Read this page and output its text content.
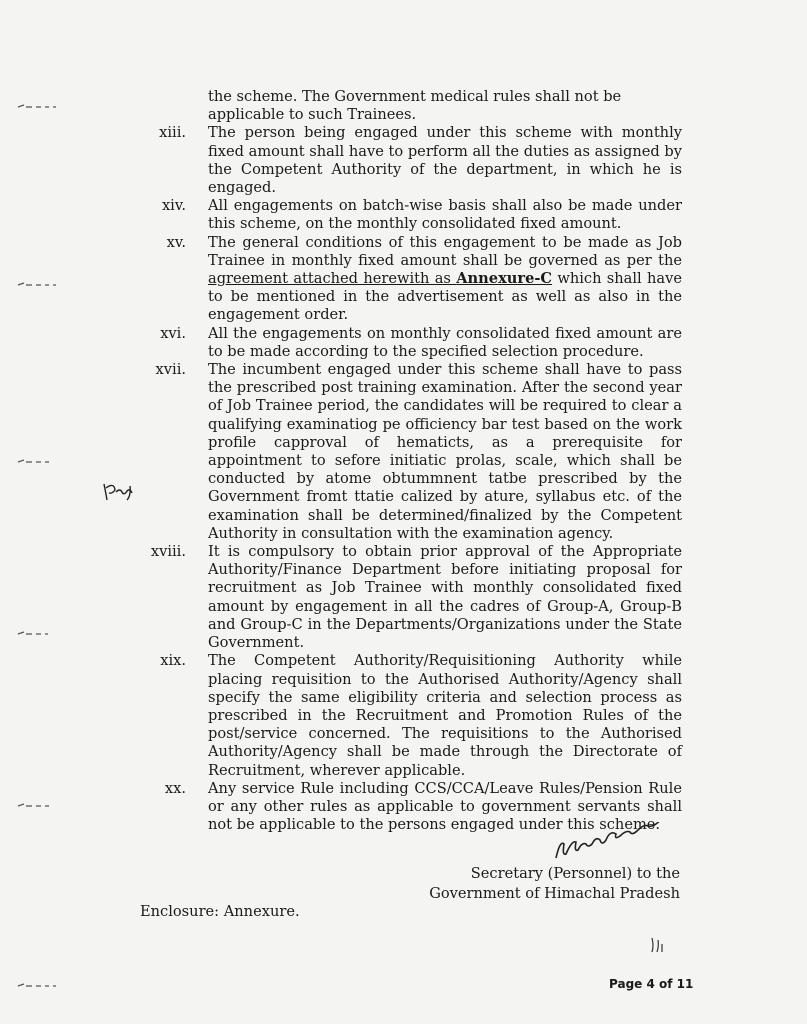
the scheme. The Government medical rules shall not be
applicable to such Trainees.
xiii. The person being engaged under this scheme with monthly fixed amount shall have to perform all the duties as assigned by the Competent Authority of the department, in which he is engaged.
xiv. All engagements on batch-wise basis shall also be made under this scheme, on the monthly consolidated fixed amount.
xv. The general conditions of this engagement to be made as Job Trainee in monthly fixed amount shall be governed as per the agreement attached herewith as Annexure-C which shall have to be mentioned in the advertisement as well as also in the engagement order.
xvi. All the engagements on monthly consolidated fixed amount are to be made according to the specified selection procedure.
xvii. The incumbent engaged under this scheme shall have to pass the prescribed post training examination. After the second year of Job Trainee period, the candidates will be required to clear a qualifying examinatiog pe officiency bar test based on the work profile capproval of hematicts, as a prerequisite for appointment to sefore initiatic prolas, scale, which shall be conducted by atome obtummnent tatbe prescribed by the Government fromt ttatie calized by ature, syllabus etc. of the examination shall be determined/finalized by the Competent Authority in consultation with the examination agency.
xviii. It is compulsory to obtain prior approval of the Appropriate Authority/Finance Department before initiating proposal for recruitment as Job Trainee with monthly consolidated fixed amount by engagement in all the cadres of Group-A, Group-B and Group-C in the Departments/Organizations under the State Government.
xix. The Competent Authority/Requisitioning Authority while placing requisition to the Authorised Authority/Agency shall specify the same eligibility criteria and selection process as prescribed in the Recruitment and Promotion Rules of the post/service concerned. The requisitions to the Authorised Authority/Agency shall be made through the Directorate of Recruitment, wherever applicable.
xx. Any service Rule including CCS/CCA/Leave Rules/Pension Rule or any other rules as applicable to government servants shall not be applicable to the persons engaged under this scheme.
Secretary (Personnel) to the
Government of Himachal Pradesh
Enclosure: Annexure.
Page 4 of 11
